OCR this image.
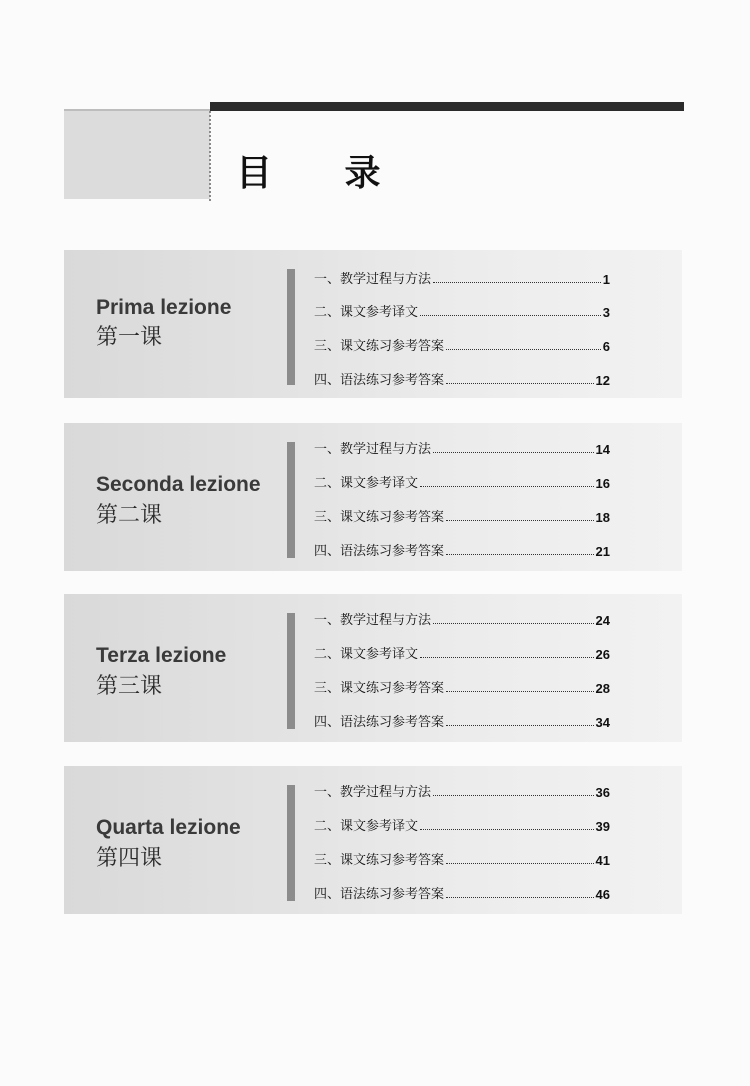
目 录
Prima lezione
第一课
一、教学过程与方法	1
二、课文参考译文	3
三、课文练习参考答案	6
四、语法练习参考答案	12
Seconda lezione
第二课
一、教学过程与方法	14
二、课文参考译文	16
三、课文练习参考答案	18
四、语法练习参考答案	21
Terza lezione
第三课
一、教学过程与方法	24
二、课文参考译文	26
三、课文练习参考答案	28
四、语法练习参考答案	34
Quarta lezione
第四课
一、教学过程与方法	36
二、课文参考译文	39
三、课文练习参考答案	41
四、语法练习参考答案	46
